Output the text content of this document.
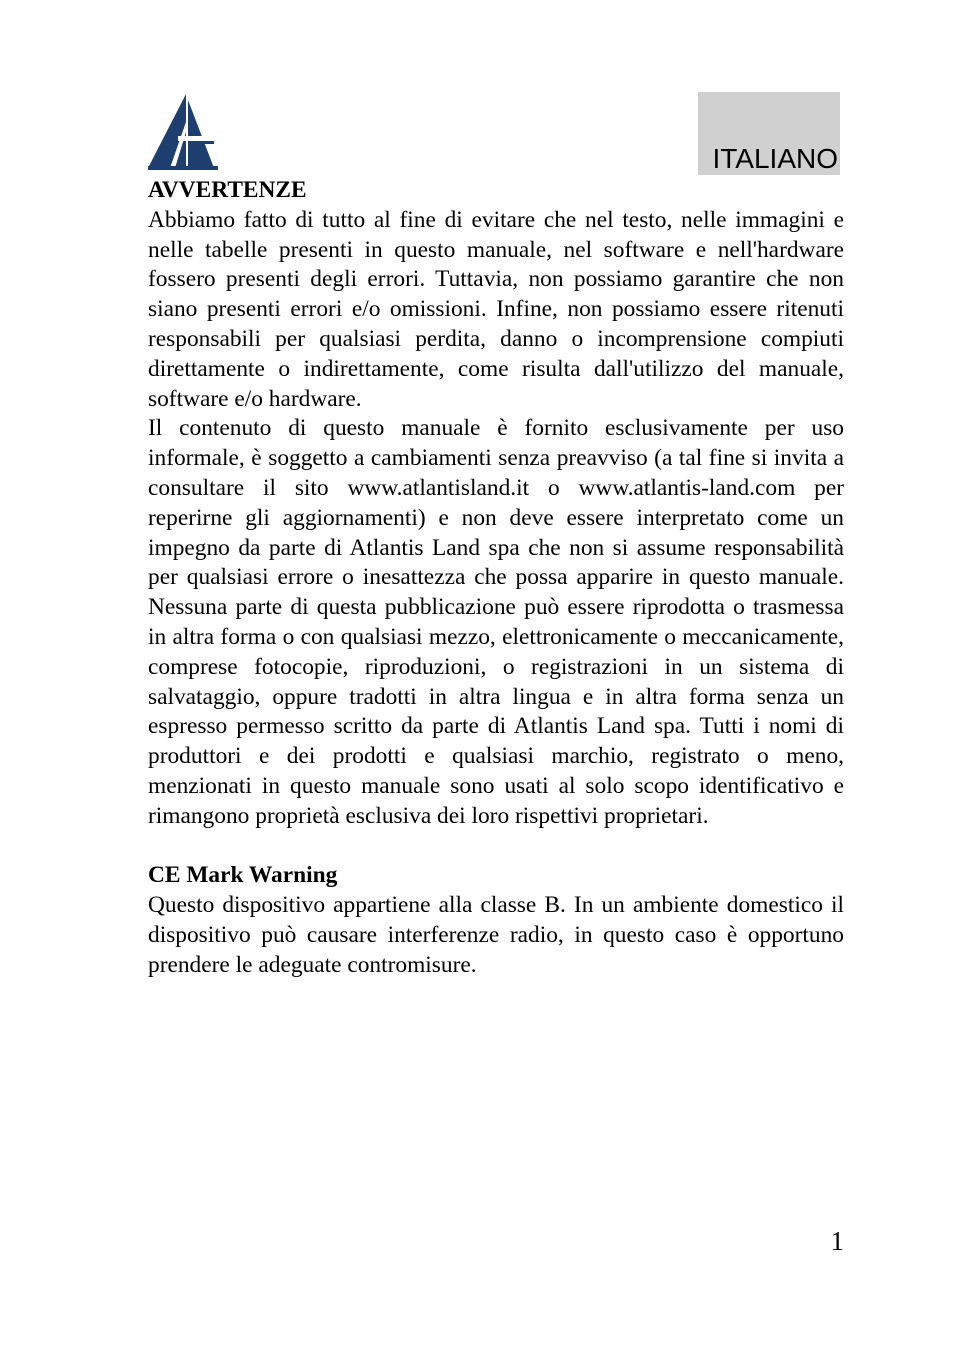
ITALIANO
AVVERTENZE

Abbiamo fatto di tutto al fine di evitare che nel testo, nelle immagini e nelle tabelle presenti in questo manuale, nel software e nell'hardware fossero presenti degli errori. Tuttavia, non possiamo garantire che non siano presenti errori e/o omissioni. Infine, non possiamo essere ritenuti responsabili per qualsiasi perdita, danno o incomprensione compiuti direttamente o indirettamente, come risulta dall'utilizzo del manuale, software e/o hardware.

Il contenuto di questo manuale è fornito esclusivamente per uso informale, è soggetto a cambiamenti senza preavviso (a tal fine si invita a consultare il sito www.atlantisland.it o www.atlantis-land.com per reperirne gli aggiornamenti) e non deve essere interpretato come un impegno da parte di Atlantis Land spa che non si assume responsabilità per qualsiasi errore o inesattezza che possa apparire in questo manuale. Nessuna parte di questa pubblicazione può essere riprodotta o trasmessa in altra forma o con qualsiasi mezzo, elettronicamente o meccanicamente, comprese fotocopie, riproduzioni, o registrazioni in un sistema di salvataggio, oppure tradotti in altra lingua e in altra forma senza un espresso permesso scritto da parte di Atlantis Land spa. Tutti i nomi di produttori e dei prodotti e qualsiasi marchio, registrato o meno, menzionati in questo manuale sono usati al solo scopo identificativo e rimangono proprietà esclusiva dei loro rispettivi proprietari.

CE Mark Warning

Questo dispositivo appartiene alla classe B. In un ambiente domestico il dispositivo può causare interferenze radio, in questo caso è opportuno prendere le adeguate contromisure.

1
